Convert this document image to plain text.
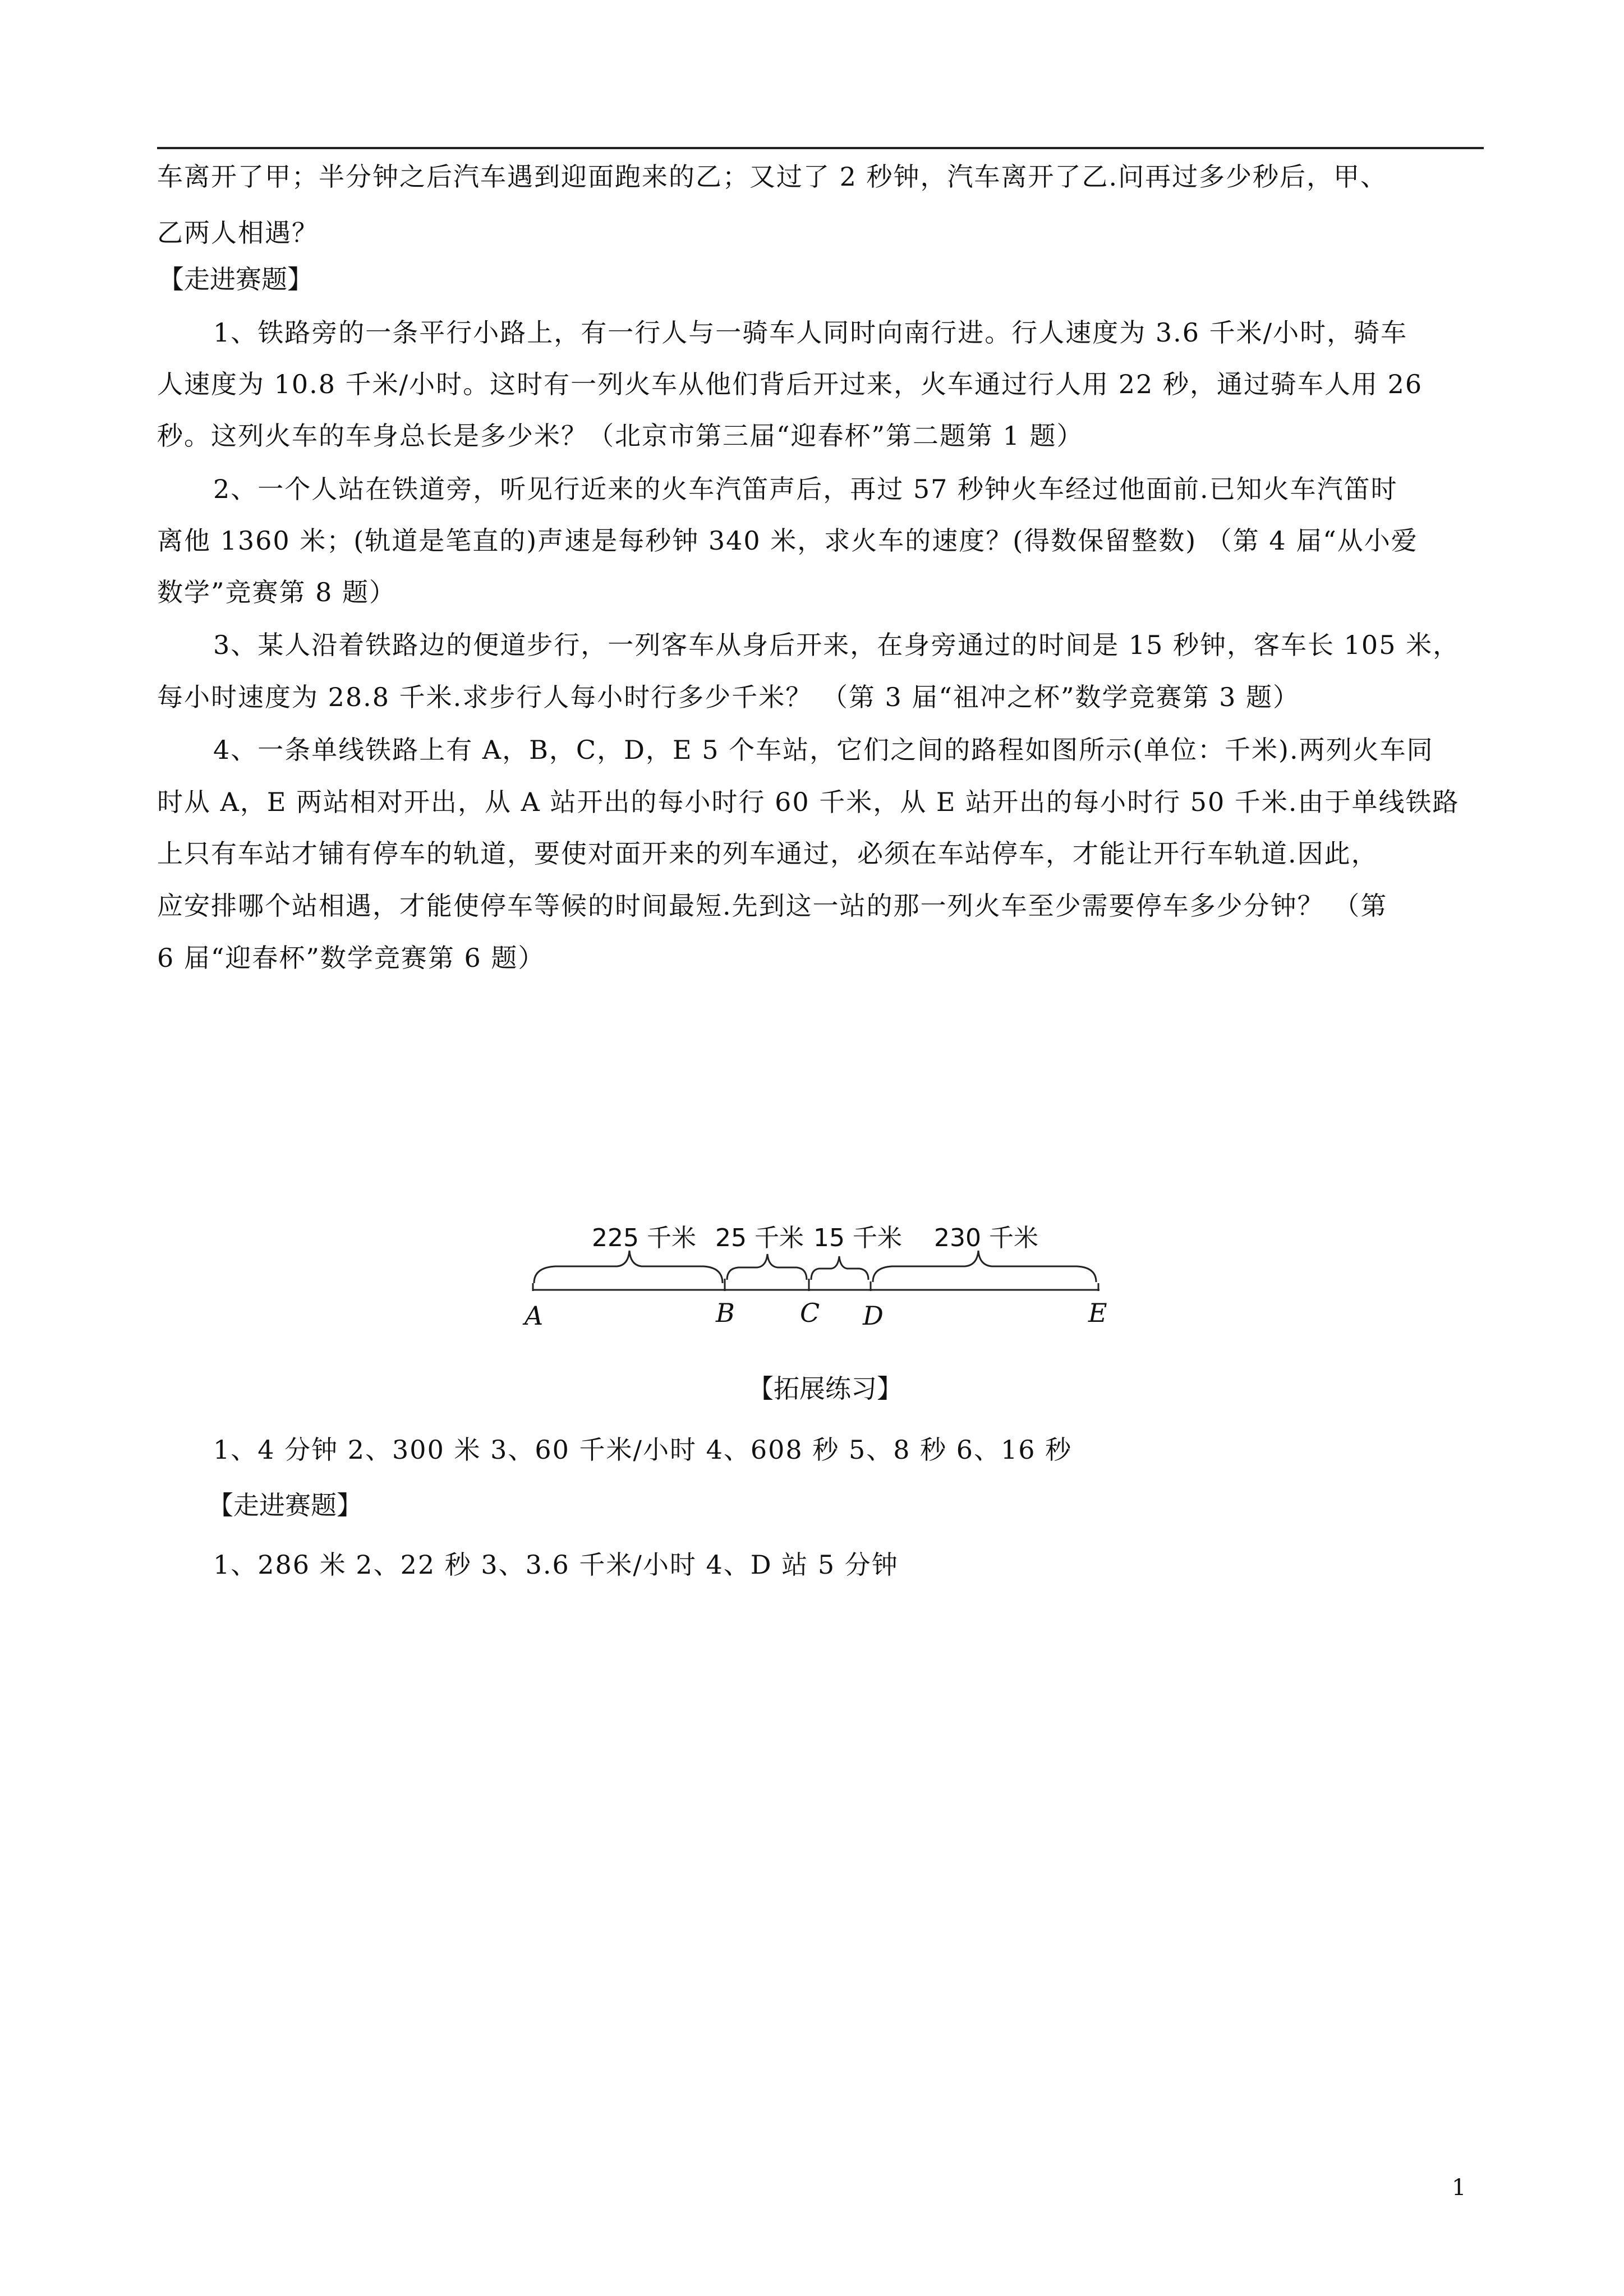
车离开了甲；半分钟之后汽车遇到迎面跑来的乙；又过了 2 秒钟，汽车离开了乙.问再过多少秒后，甲、
乙两人相遇？
【走进赛题】
1、铁路旁的一条平行小路上，有一行人与一骑车人同时向南行进。行人速度为 3.6 千米/小时，骑车
人速度为 10.8 千米/小时。这时有一列火车从他们背后开过来，火车通过行人用 22 秒，通过骑车人用 26
秒。这列火车的车身总长是多少米？（北京市第三届“迎春杯”第二题第 1 题）
2、一个人站在铁道旁，听见行近来的火车汽笛声后，再过 57 秒钟火车经过他面前.已知火车汽笛时
离他 1360 米；(轨道是笔直的)声速是每秒钟 340 米，求火车的速度？(得数保留整数) （第 4 届“从小爱
数学”竞赛第 8 题）
3、某人沿着铁路边的便道步行，一列客车从身后开来，在身旁通过的时间是 15 秒钟，客车长 105 米，
每小时速度为 28.8 千米.求步行人每小时行多少千米？ （第 3 届“祖冲之杯”数学竞赛第 3 题）
4、一条单线铁路上有 A，B，C，D，E 5 个车站，它们之间的路程如图所示(单位：千米).两列火车同
时从 A，E 两站相对开出，从 A 站开出的每小时行 60 千米，从 E 站开出的每小时行 50 千米.由于单线铁路
上只有车站才铺有停车的轨道，要使对面开来的列车通过，必须在车站停车，才能让开行车轨道.因此，
应安排哪个站相遇，才能使停车等候的时间最短.先到这一站的那一列火车至少需要停车多少分钟？ （第
6 届“迎春杯”数学竞赛第 6 题）
225 千米 25 千米 15 千米 230 千米
A	B	C D	E
【拓展练习】
1、4 分钟 2、300 米 3、60 千米/小时 4、608 秒 5、8 秒 6、16 秒
【走进赛题】
1、286 米 2、22 秒 3、3.6 千米/小时 4、D 站 5 分钟
1
